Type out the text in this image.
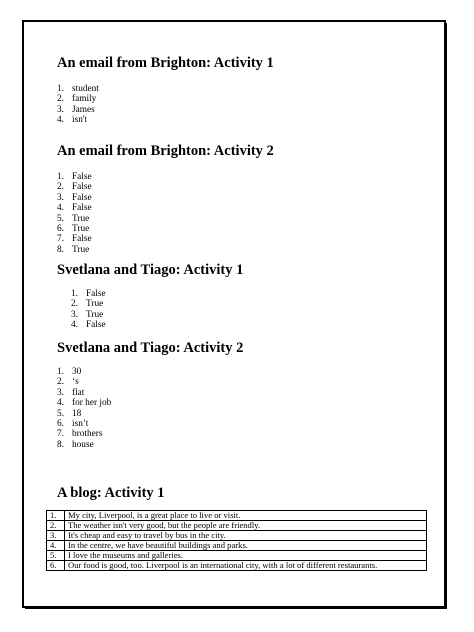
An email from Brighton: Activity 1
1. student
2. family
3. James
4. isn't
An email from Brighton: Activity 2
1. False
2. False
3. False
4. False
5. True
6. True
7. False
8. True
Svetlana and Tiago: Activity 1
1. False
2. True
3. True
4. False
Svetlana and Tiago: Activity 2
1. 30
2. ‘s
3. flat
4. for her job
5. 18
6. isn’t
7. brothers
8. house
A blog: Activity 1
1.	My city, Liverpool, is a great place to live or visit.
2.	The weather isn't very good, but the people are friendly.
3.	It's cheap and easy to travel by bus in the city.
4.	In the centre, we have beautiful buildings and parks.
5.	I love the museums and galleries.
6.	Our food is good, too. Liverpool is an international city, with a lot of different restaurants.
